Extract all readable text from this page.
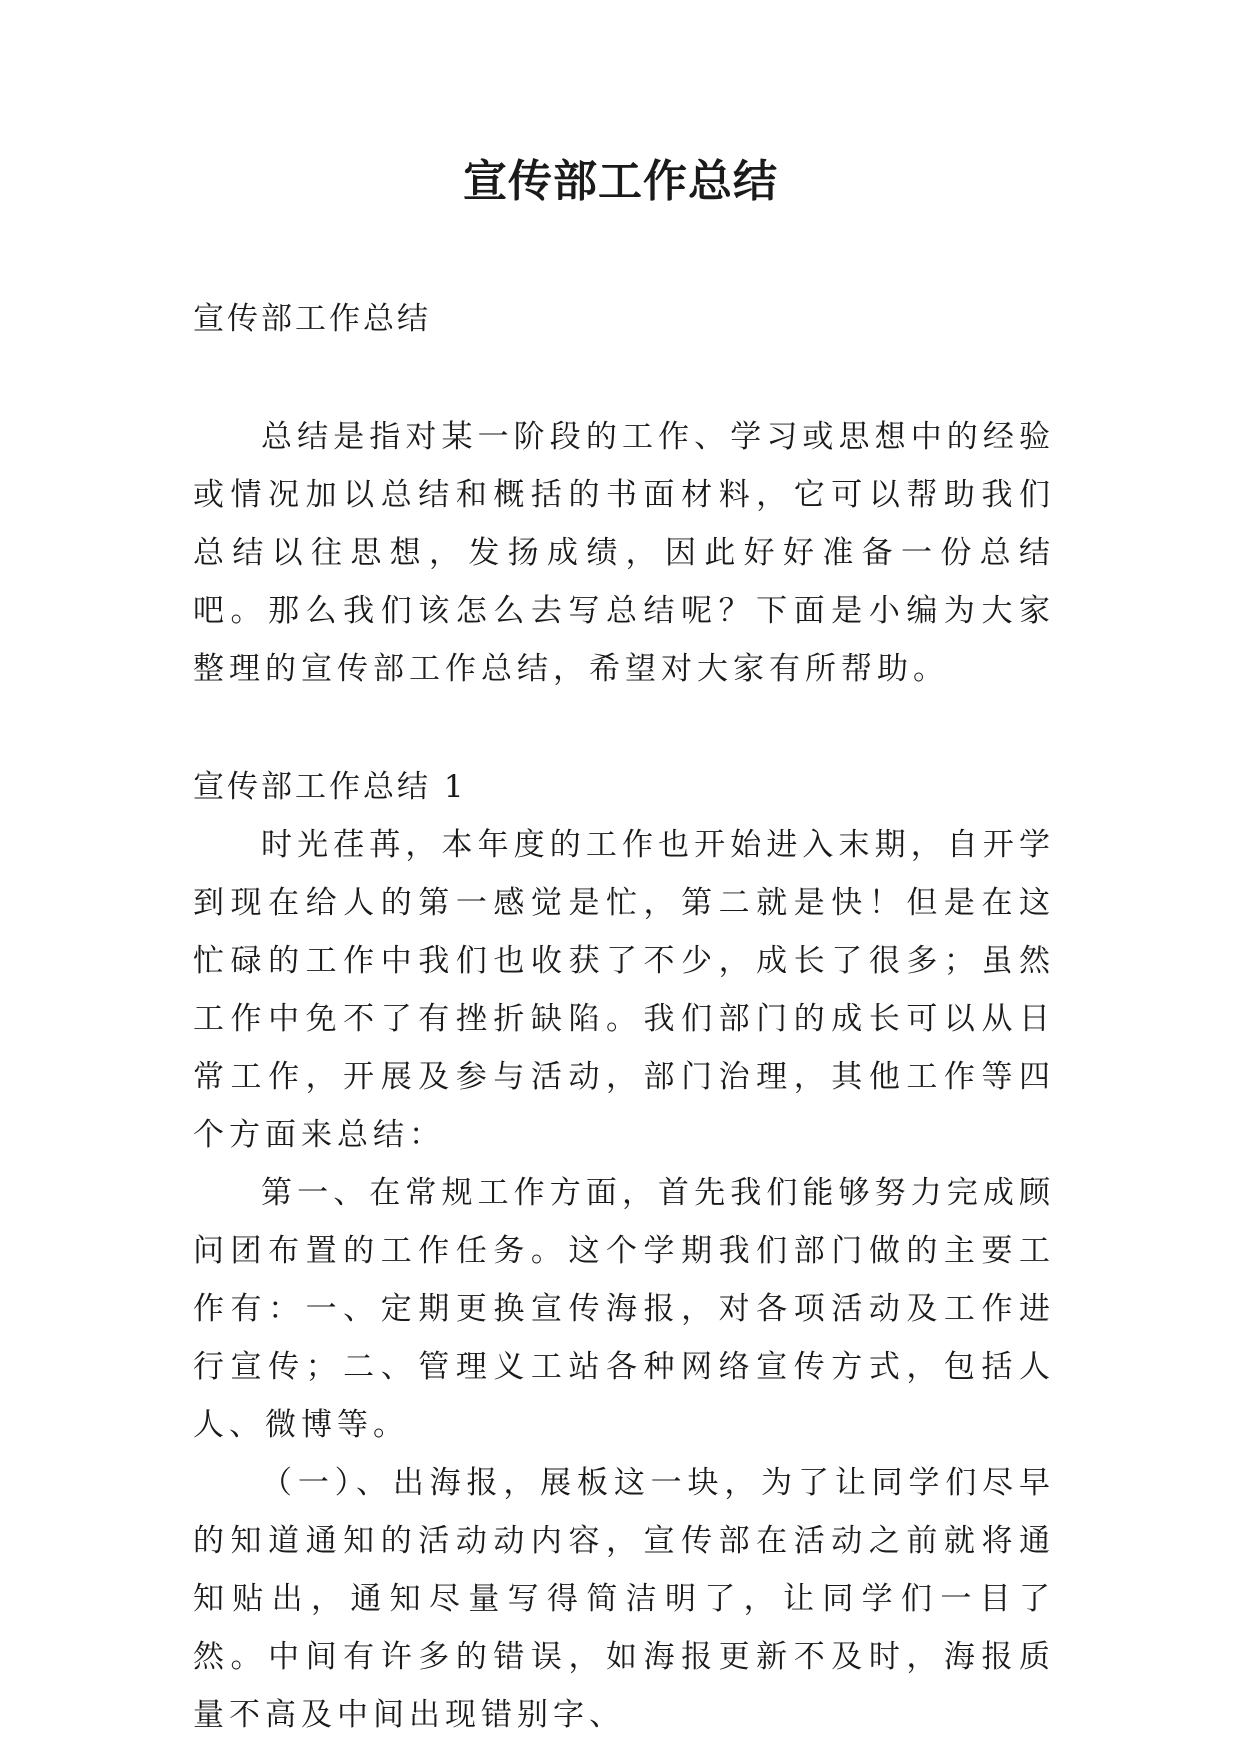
宣传部工作总结

宣传部工作总结

总结是指对某一阶段的工作、学习或思想中的经验或情况加以总结和概括的书面材料，它可以帮助我们总结以往思想，发扬成绩，因此好好准备一份总结吧。那么我们该怎么去写总结呢？下面是小编为大家整理的宣传部工作总结，希望对大家有所帮助。

宣传部工作总结 1

时光荏苒，本年度的工作也开始进入末期，自开学到现在给人的第一感觉是忙，第二就是快！但是在这忙碌的工作中我们也收获了不少，成长了很多；虽然工作中免不了有挫折缺陷。我们部门的成长可以从日常工作，开展及参与活动，部门治理，其他工作等四个方面来总结：

第一、在常规工作方面，首先我们能够努力完成顾问团布置的工作任务。这个学期我们部门做的主要工作有：一、定期更换宣传海报，对各项活动及工作进行宣传；二、管理义工站各种网络宣传方式，包括人人、微博等。

（一）、出海报，展板这一块，为了让同学们尽早的知道通知的活动动内容，宣传部在活动之前就将通知贴出，通知尽量写得简洁明了，让同学们一目了然。中间有许多的错误，如海报更新不及时，海报质量不高及中间出现错别字、
